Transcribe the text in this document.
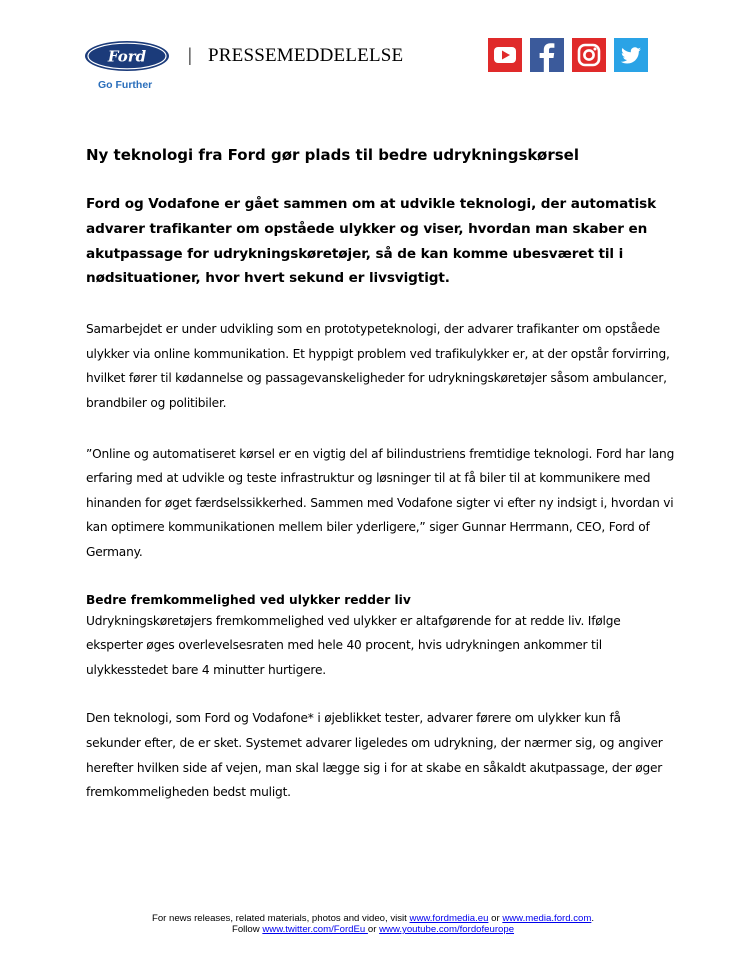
Ford
Go Further
| PRESSEMEDDELELSE
Ny teknologi fra Ford gør plads til bedre udrykningskørsel

Ford og Vodafone er gået sammen om at udvikle teknologi, der automatisk advarer trafikanter om opståede ulykker og viser, hvordan man skaber en akutpassage for udrykningskøretøjer, så de kan komme ubesværet til i nødsituationer, hvor hvert sekund er livsvigtigt.

Samarbejdet er under udvikling som en prototypeteknologi, der advarer trafikanter om opståede ulykker via online kommunikation. Et hyppigt problem ved trafikulykker er, at der opstår forvirring, hvilket fører til kødannelse og passagevanskeligheder for udrykningskøretøjer såsom ambulancer, brandbiler og politibiler.

”Online og automatiseret kørsel er en vigtig del af bilindustriens fremtidige teknologi. Ford har lang erfaring med at udvikle og teste infrastruktur og løsninger til at få biler til at kommunikere med hinanden for øget færdselssikkerhed. Sammen med Vodafone sigter vi efter ny indsigt i, hvordan vi kan optimere kommunikationen mellem biler yderligere,” siger Gunnar Herrmann, CEO, Ford of Germany.

Bedre fremkommelighed ved ulykker redder liv

Udrykningskøretøjers fremkommelighed ved ulykker er altafgørende for at redde liv. Ifølge eksperter øges overlevelsesraten med hele 40 procent, hvis udrykningen ankommer til ulykkesstedet bare 4 minutter hurtigere.

Den teknologi, som Ford og Vodafone* i øjeblikket tester, advarer førere om ulykker kun få sekunder efter, de er sket. Systemet advarer ligeledes om udrykning, der nærmer sig, og angiver herefter hvilken side af vejen, man skal lægge sig i for at skabe en såkaldt akutpassage, der øger fremkommeligheden bedst muligt.

For news releases, related materials, photos and video, visit www.fordmedia.eu or www.media.ford.com.
Follow www.twitter.com/FordEu or www.youtube.com/fordofeurope
